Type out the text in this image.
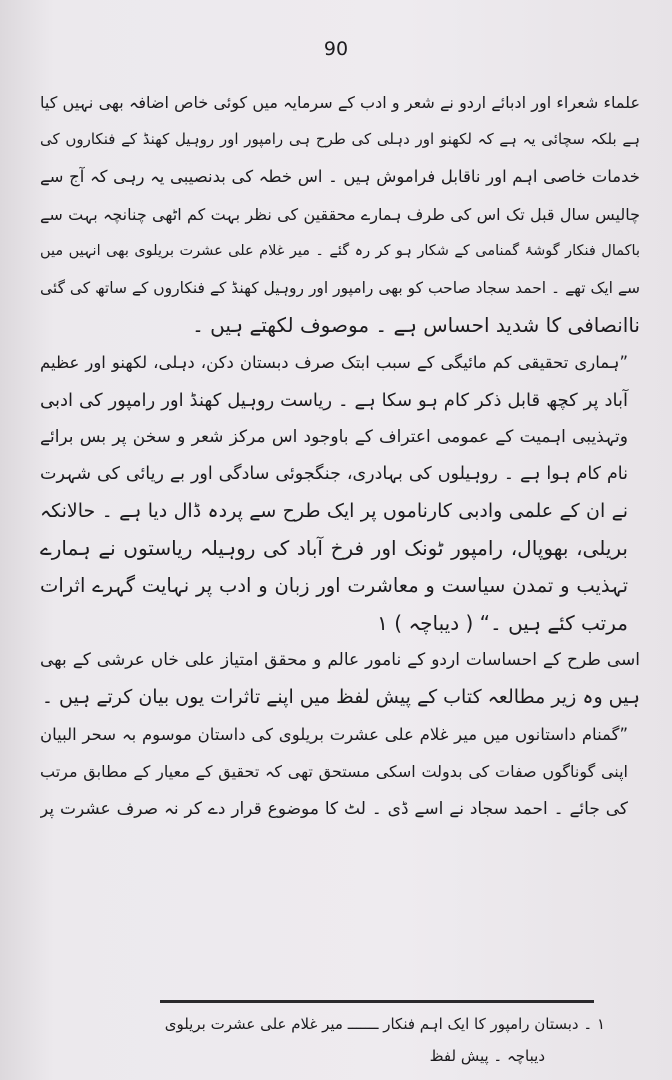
90
علماء شعراء اور ادبائے اردو نے شعر و ادب کے سرمایہ میں کوئی خاص اضافہ بھی نہیں کیا
ہے بلکہ سچائی یہ ہے کہ لکھنو اور دہلی کی طرح ہی رامپور اور روہیل کھنڈ کے فنکاروں کی
خدمات خاصی اہم اور ناقابل فراموش ہیں ۔ اس خطہ کی بدنصیبی یہ رہی کہ آج سے
چالیس سال قبل تک اس کی طرف ہمارے محققین کی نظر بہت کم اٹھی چنانچہ بہت سے
باکمال فنکار گوشۂ گمنامی کے شکار ہو کر رہ گئے ۔ میر غلام علی عشرت بریلوی بھی انہیں میں
سے ایک تھے ۔ احمد سجاد صاحب کو بھی رامپور اور روہیل کھنڈ کے فنکاروں کے ساتھ کی گئی
ناانصافی کا شدید احساس ہے ۔ موصوف لکھتے ہیں ۔
”ہماری تحقیقی کم مائیگی کے سبب ابتک صرف دبستان دکن، دہلی، لکھنو اور عظیم
آباد پر کچھ قابل ذکر کام ہو سکا ہے ۔ ریاست روہیل کھنڈ اور رامپور کی ادبی
وتہذیبی اہمیت کے عمومی اعتراف کے باوجود اس مرکز شعر و سخن پر بس برائے
نام کام ہوا ہے ۔ روہیلوں کی بہادری، جنگجوئی سادگی اور بے ریائی کی شہرت
نے ان کے علمی وادبی کارناموں پر ایک طرح سے پردہ ڈال دیا ہے ۔ حالانکہ
بریلی، بھوپال، رامپور ٹونک اور فرخ آباد کی روہیلہ ریاستوں نے ہمارے
تہذیب و تمدن سیاست و معاشرت اور زبان و ادب پر نہایت گہرے اثرات
مرتب کئے ہیں ۔“ ( دیباچہ ) ١
اسی طرح کے احساسات اردو کے نامور عالم و محقق امتیاز علی خاں عرشی کے بھی
ہیں وہ زیر مطالعہ کتاب کے پیش لفظ میں اپنے تاثرات یوں بیان کرتے ہیں ۔
”گمنام داستانوں میں میر غلام علی عشرت بریلوی کی داستان موسوم بہ سحر البیان
اپنی گوناگوں صفات کی بدولت اسکی مستحق تھی کہ تحقیق کے معیار کے مطابق مرتب
کی جائے ۔ احمد سجاد نے اسے ڈی ۔ لٹ کا موضوع قرار دے کر نہ صرف عشرت پر
١ ۔ دبستان رامپور کا ایک اہم فنکار ـــــــ میر غلام علی عشرت بریلوی
دیباچہ ۔ پیش لفظ
